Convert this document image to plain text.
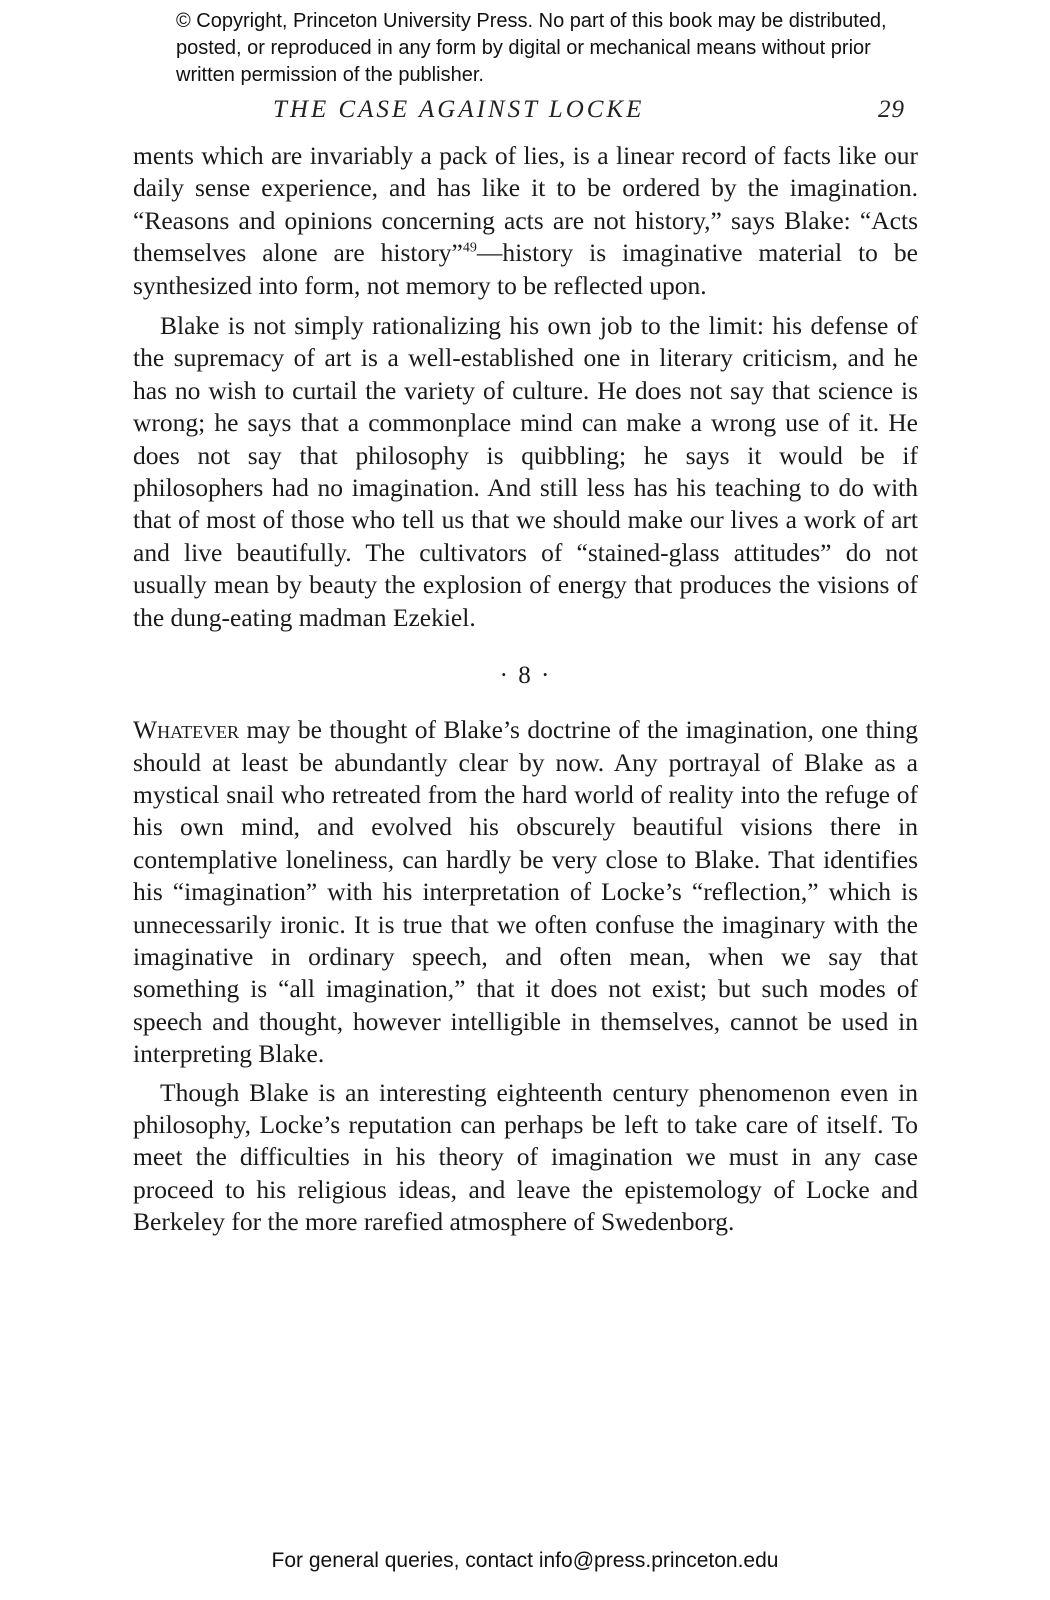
© Copyright, Princeton University Press. No part of this book may be distributed, posted, or reproduced in any form by digital or mechanical means without prior written permission of the publisher.
THE CASE AGAINST LOCKE	29

ments which are invariably a pack of lies, is a linear record of facts like our daily sense experience, and has like it to be ordered by the imagination. “Reasons and opinions concerning acts are not history,” says Blake: “Acts themselves alone are history”$^{49}$—history is imaginative material to be synthesized into form, not memory to be reflected upon.

Blake is not simply rationalizing his own job to the limit: his defense of the supremacy of art is a well-established one in literary criticism, and he has no wish to curtail the variety of culture. He does not say that science is wrong; he says that a commonplace mind can make a wrong use of it. He does not say that philosophy is quibbling; he says it would be if philosophers had no imagination. And still less has his teaching to do with that of most of those who tell us that we should make our lives a work of art and live beautifully. The cultivators of “stained-glass attitudes” do not usually mean by beauty the explosion of energy that produces the visions of the dung-eating madman Ezekiel.

· 8 ·

Whatever may be thought of Blake’s doctrine of the imagination, one thing should at least be abundantly clear by now. Any portrayal of Blake as a mystical snail who retreated from the hard world of reality into the refuge of his own mind, and evolved his obscurely beautiful visions there in contemplative loneliness, can hardly be very close to Blake. That identifies his “imagination” with his interpretation of Locke’s “reflection,” which is unnecessarily ironic. It is true that we often confuse the imaginary with the imaginative in ordinary speech, and often mean, when we say that something is “all imagination,” that it does not exist; but such modes of speech and thought, however intelligible in themselves, cannot be used in interpreting Blake.

Though Blake is an interesting eighteenth century phenomenon even in philosophy, Locke’s reputation can perhaps be left to take care of itself. To meet the difficulties in his theory of imagination we must in any case proceed to his religious ideas, and leave the epistemology of Locke and Berkeley for the more rarefied atmosphere of Swedenborg.

For general queries, contact info@press.princeton.edu
